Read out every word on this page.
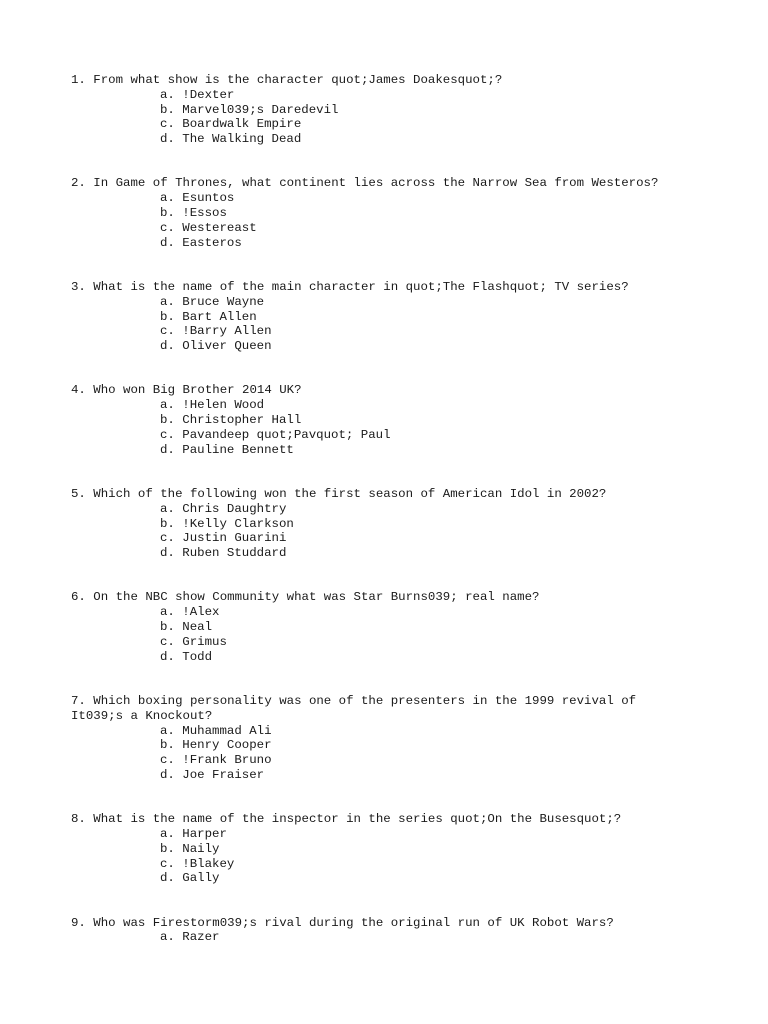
1. From what show is the character quot;James Doakesquot;?
a. !Dexter
b. Marvel039;s Daredevil
c. Boardwalk Empire
d. The Walking Dead
2. In Game of Thrones, what continent lies across the Narrow Sea from Westeros?
a. Esuntos
b. !Essos
c. Westereast
d. Easteros
3. What is the name of the main character in quot;The Flashquot; TV series?
a. Bruce Wayne
b. Bart Allen
c. !Barry Allen
d. Oliver Queen
4. Who won Big Brother 2014 UK?
a. !Helen Wood
b. Christopher Hall
c. Pavandeep quot;Pavquot; Paul
d. Pauline Bennett
5. Which of the following won the first season of American Idol in 2002?
a. Chris Daughtry
b. !Kelly Clarkson
c. Justin Guarini
d. Ruben Studdard
6. On the NBC show Community what was Star Burns039; real name?
a. !Alex
b. Neal
c. Grimus
d. Todd
7. Which boxing personality was one of the presenters in the 1999 revival of
It039;s a Knockout?
a. Muhammad Ali
b. Henry Cooper
c. !Frank Bruno
d. Joe Fraiser
8. What is the name of the inspector in the series quot;On the Busesquot;?
a. Harper
b. Naily
c. !Blakey
d. Gally
9. Who was Firestorm039;s rival during the original run of UK Robot Wars?
a. Razer
